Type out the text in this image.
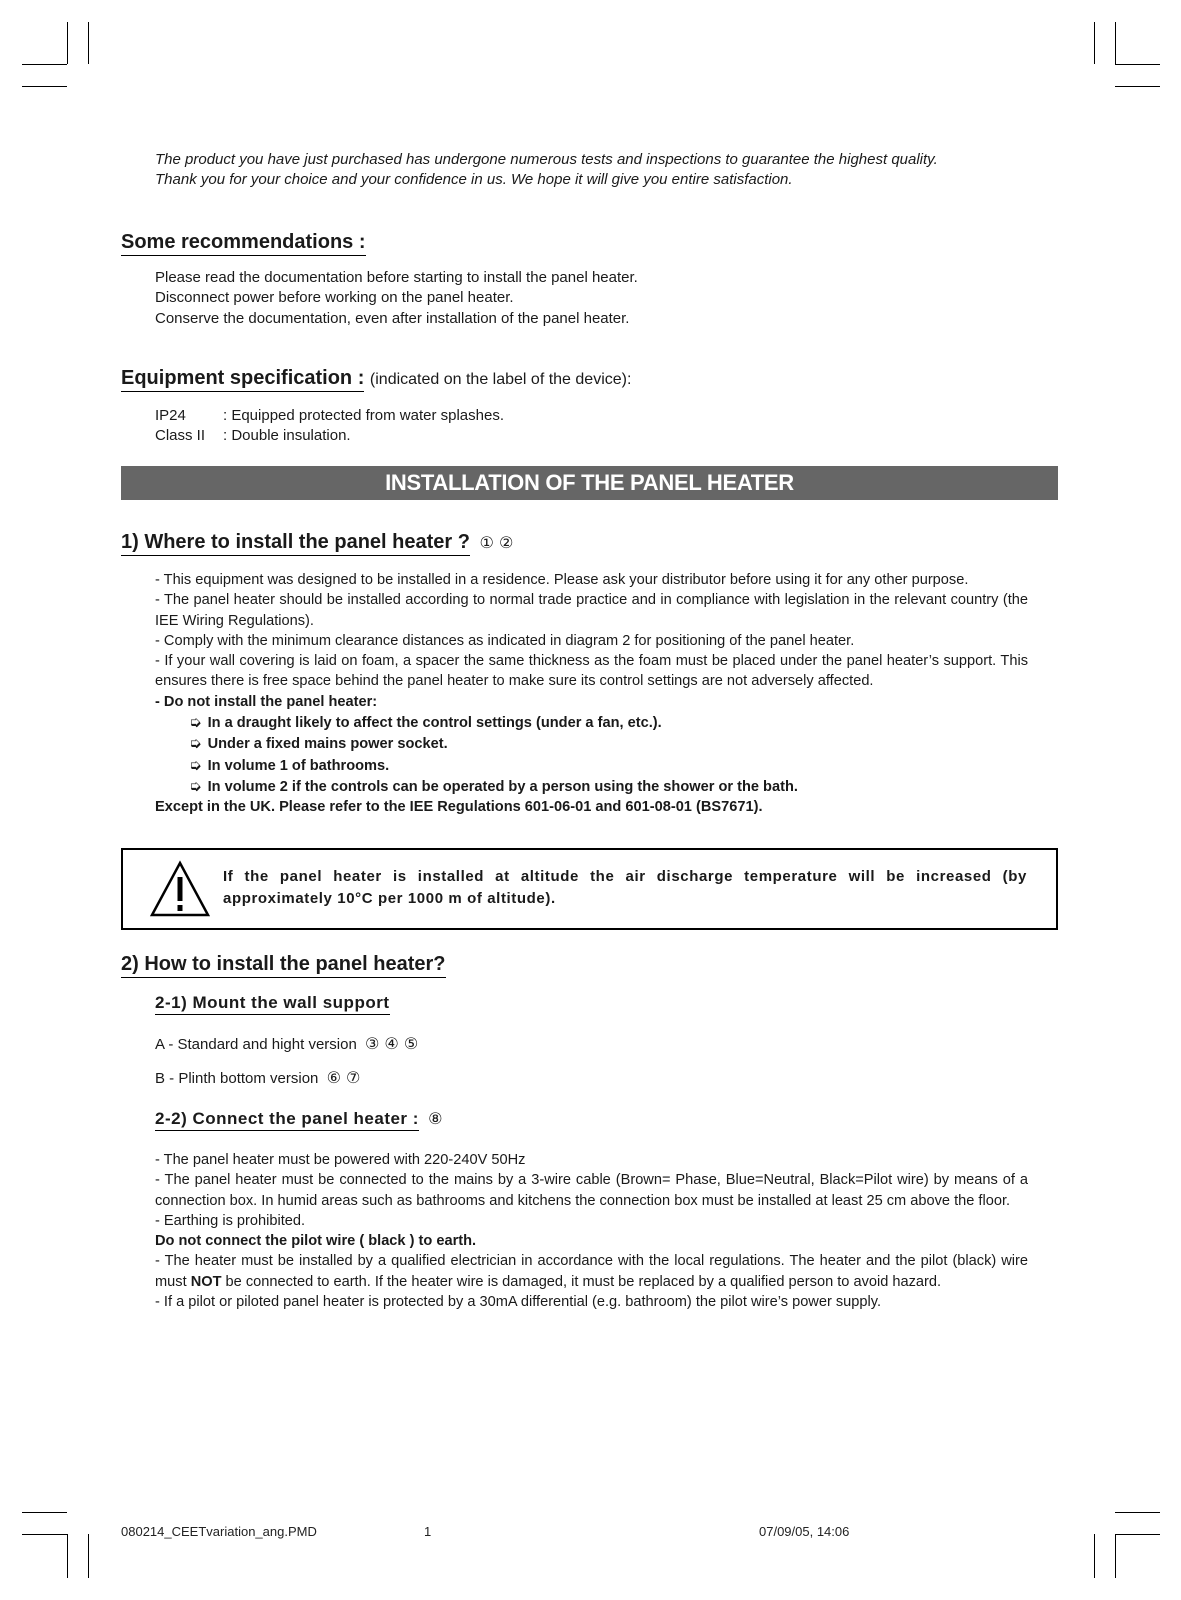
The product you have just purchased has undergone numerous tests and inspections to guarantee the highest quality.
Thank you for your choice and your confidence in us. We hope it will give you entire satisfaction.
Some recommendations :

Please read the documentation before starting to install the panel heater.

Disconnect power before working on the panel heater.

Conserve the documentation, even after installation of the panel heater.

Equipment specification : (indicated on the label of the device):
IP24	: Equipped protected from water splashes.
Class II	: Double insulation.
INSTALLATION OF THE PANEL HEATER
1) Where to install the panel heater ? ① ②

- This equipment was designed to be installed in a residence. Please ask your distributor before using it for any other purpose.

- The panel heater should be installed according to normal trade practice and in compliance with legislation in the relevant country (the IEE Wiring Regulations).

- Comply with the minimum clearance distances as indicated in diagram 2 for positioning of the panel heater.

- If your wall covering is laid on foam, a spacer the same thickness as the foam must be placed under the panel heater’s support. This ensures there is free space behind the panel heater to make sure its control settings are not adversely affected.

- Do not install the panel heater:

➭ In a draught likely to affect the control settings (under a fan, etc.).

➭ Under a fixed mains power socket.

➭ In volume 1 of bathrooms.

➭ In volume 2 if the controls can be operated by a person using the shower or the bath.

Except in the UK. Please refer to the IEE Regulations 601-06-01 and 601-08-01 (BS7671).

If the panel heater is installed at altitude the air discharge temperature will be increased (by approximately 10°C per 1000 m of altitude).
2) How to install the panel heater?
2-1) Mount the wall support
A - Standard and hight version ③ ④ ⑤
B - Plinth bottom version ⑥ ⑦
2-2) Connect the panel heater : ⑧

- The panel heater must be powered with 220-240V 50Hz

- The panel heater must be connected to the mains by a 3-wire cable (Brown= Phase, Blue=Neutral, Black=Pilot wire) by means of a connection box. In humid areas such as bathrooms and kitchens the connection box must be installed at least 25 cm above the floor.

- Earthing is prohibited.

Do not connect the pilot wire ( black ) to earth.

- The heater must be installed by a qualified electrician in accordance with the local regulations. The heater and the pilot (black) wire must NOT be connected to earth. If the heater wire is damaged, it must be replaced by a qualified person to avoid hazard.

- If a pilot or piloted panel heater is protected by a 30mA differential (e.g. bathroom) the pilot wire’s power supply.

080214_CEETvariation_ang.PMD	1	07/09/05, 14:06
